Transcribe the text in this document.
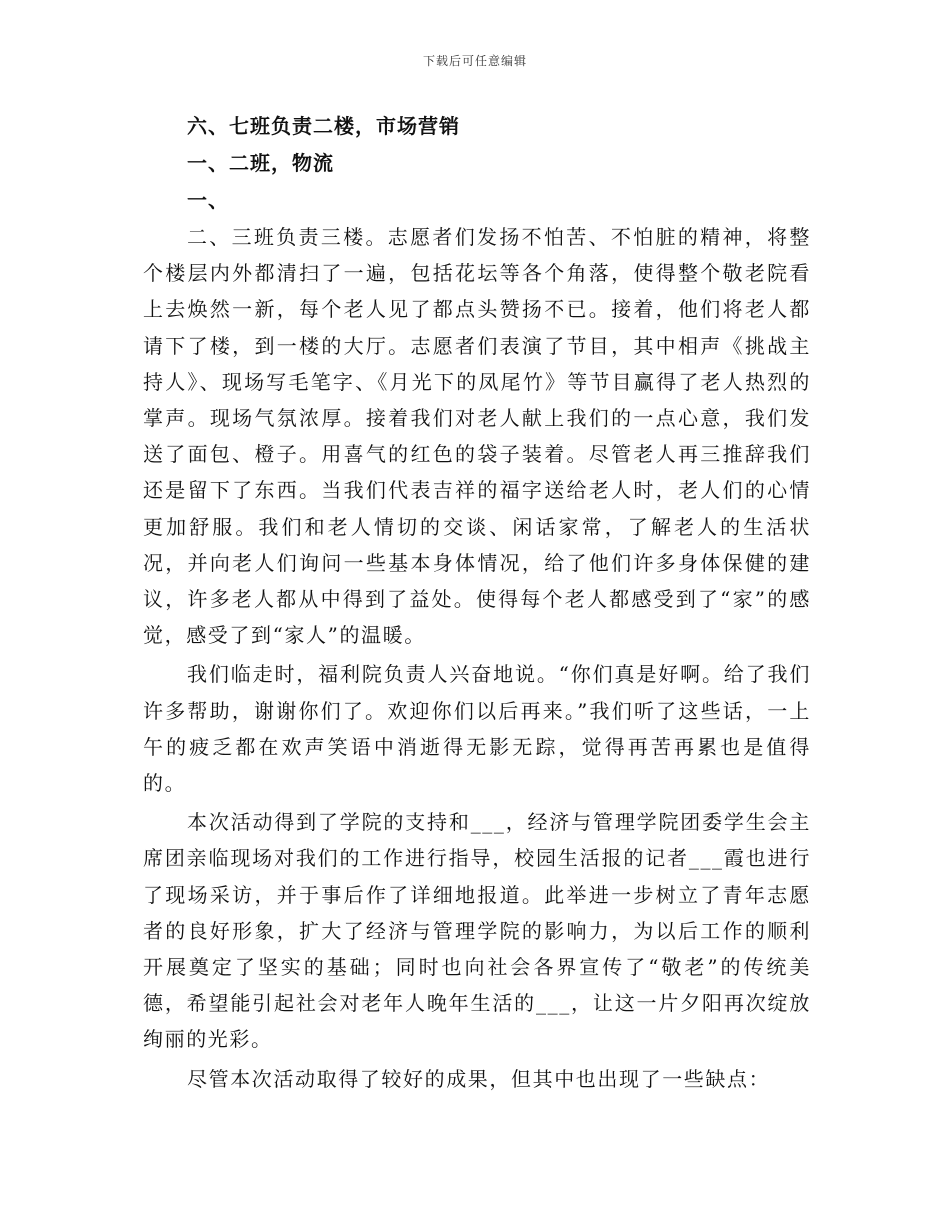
下载后可任意编辑
六、七班负责二楼，市场营销
一、二班，物流
一、

二、三班负责三楼。志愿者们发扬不怕苦、不怕脏的精神，将整个楼层内外都清扫了一遍，包括花坛等各个角落，使得整个敬老院看上去焕然一新，每个老人见了都点头赞扬不已。接着，他们将老人都请下了楼，到一楼的大厅。志愿者们表演了节目，其中相声《挑战主持人》、现场写毛笔字、《月光下的凤尾竹》等节目赢得了老人热烈的掌声。现场气氛浓厚。接着我们对老人献上我们的一点心意，我们发送了面包、橙子。用喜气的红色的袋子装着。尽管老人再三推辞我们还是留下了东西。当我们代表吉祥的福字送给老人时，老人们的心情更加舒服。我们和老人情切的交谈、闲话家常，了解老人的生活状况，并向老人们询问一些基本身体情况，给了他们许多身体保健的建议，许多老人都从中得到了益处。使得每个老人都感受到了“家”的感觉，感受了到“家人”的温暖。

我们临走时，福利院负责人兴奋地说。“你们真是好啊。给了我们许多帮助，谢谢你们了。欢迎你们以后再来。”我们听了这些话，一上午的疲乏都在欢声笑语中消逝得无影无踪，觉得再苦再累也是值得的。

本次活动得到了学院的支持和___，经济与管理学院团委学生会主席团亲临现场对我们的工作进行指导，校园生活报的记者___霞也进行了现场采访，并于事后作了详细地报道。此举进一步树立了青年志愿者的良好形象，扩大了经济与管理学院的影响力，为以后工作的顺利开展奠定了坚实的基础；同时也向社会各界宣传了“敬老”的传统美德，希望能引起社会对老年人晚年生活的___，让这一片夕阳再次绽放绚丽的光彩。

尽管本次活动取得了较好的成果，但其中也出现了一些缺点：
